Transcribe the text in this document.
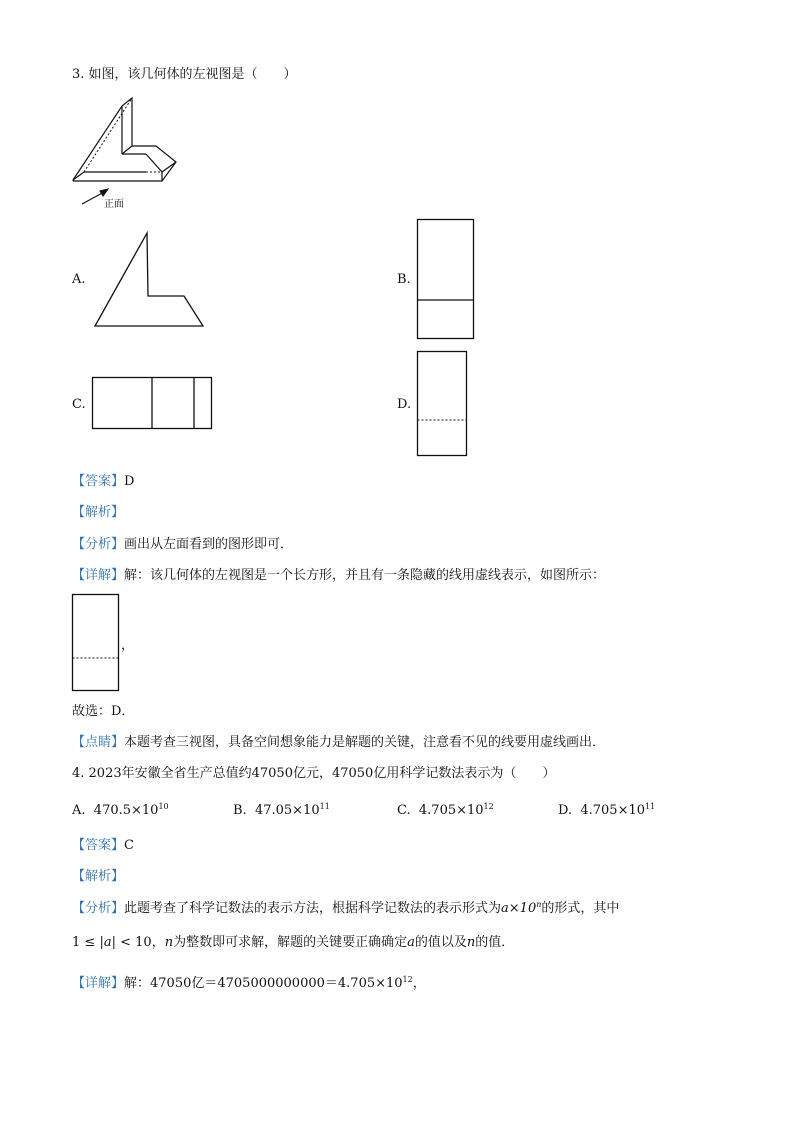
3. 如图，该几何体的左视图是（　　）
正面
A.	B.
C.	D.
【答案】D
【解析】
【分析】画出从左面看到的图形即可．
【详解】解：该几何体的左视图是一个长方形，并且有一条隐藏的线用虚线表示，如图所示：
，
故选：D．
【点睛】本题考查三视图，具备空间想象能力是解题的关键，注意看不见的线要用虚线画出．
4. 2023年安徽全省生产总值约47050亿元，47050亿用科学记数法表示为（　　）
A. $470.5\times 10^{10}$	B. $47.05\times 10^{11}$	C. $4.705\times 10^{12}$	D. $4.705\times 10^{11}$
【答案】C
【解析】
【分析】此题考查了科学记数法的表示方法，根据科学记数法的表示形式为$a\times 10^n$的形式，其中
1 ≤ |a| < 10，n为整数即可求解，解题的关键要正确确定a的值以及n的值．
【详解】解：47050亿$=4705000000000=4.705\times 10^{12}$，
